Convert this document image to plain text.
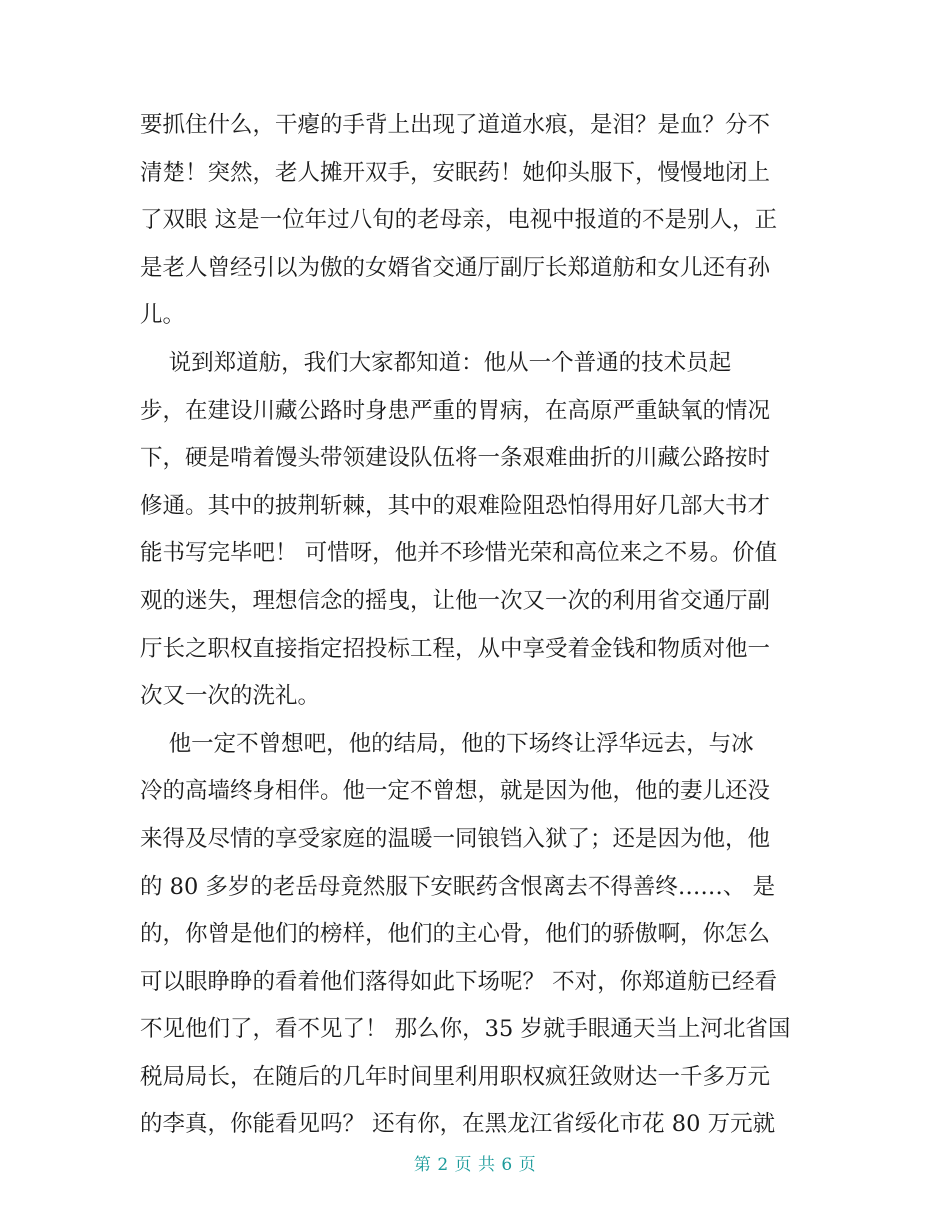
要抓住什么，干瘪的手背上出现了道道水痕，是泪？是血？分不
清楚！突然，老人摊开双手，安眠药！她仰头服下，慢慢地闭上
了双眼 这是一位年过八旬的老母亲，电视中报道的不是别人，正
是老人曾经引以为傲的女婿省交通厅副厅长郑道舫和女儿还有孙
儿。
说到郑道舫，我们大家都知道：他从一个普通的技术员起
步，在建设川藏公路时身患严重的胃病，在高原严重缺氧的情况
下，硬是啃着馒头带领建设队伍将一条艰难曲折的川藏公路按时
修通。其中的披荆斩棘，其中的艰难险阻恐怕得用好几部大书才
能书写完毕吧！ 可惜呀，他并不珍惜光荣和高位来之不易。价值
观的迷失，理想信念的摇曳，让他一次又一次的利用省交通厅副
厅长之职权直接指定招投标工程，从中享受着金钱和物质对他一
次又一次的洗礼。
他一定不曾想吧，他的结局，他的下场终让浮华远去，与冰
冷的高墙终身相伴。他一定不曾想，就是因为他，他的妻儿还没
来得及尽情的享受家庭的温暖一同锒铛入狱了；还是因为他，他
的 80 多岁的老岳母竟然服下安眠药含恨离去不得善终……、 是
的，你曾是他们的榜样，他们的主心骨，他们的骄傲啊，你怎么
可以眼睁睁的看着他们落得如此下场呢？ 不对，你郑道舫已经看
不见他们了，看不见了！ 那么你，35 岁就手眼通天当上河北省国
税局局长，在随后的几年时间里利用职权疯狂敛财达一千多万元
的李真，你能看见吗？ 还有你，在黑龙江省绥化市花 80 万元就
第 2 页 共 6 页
